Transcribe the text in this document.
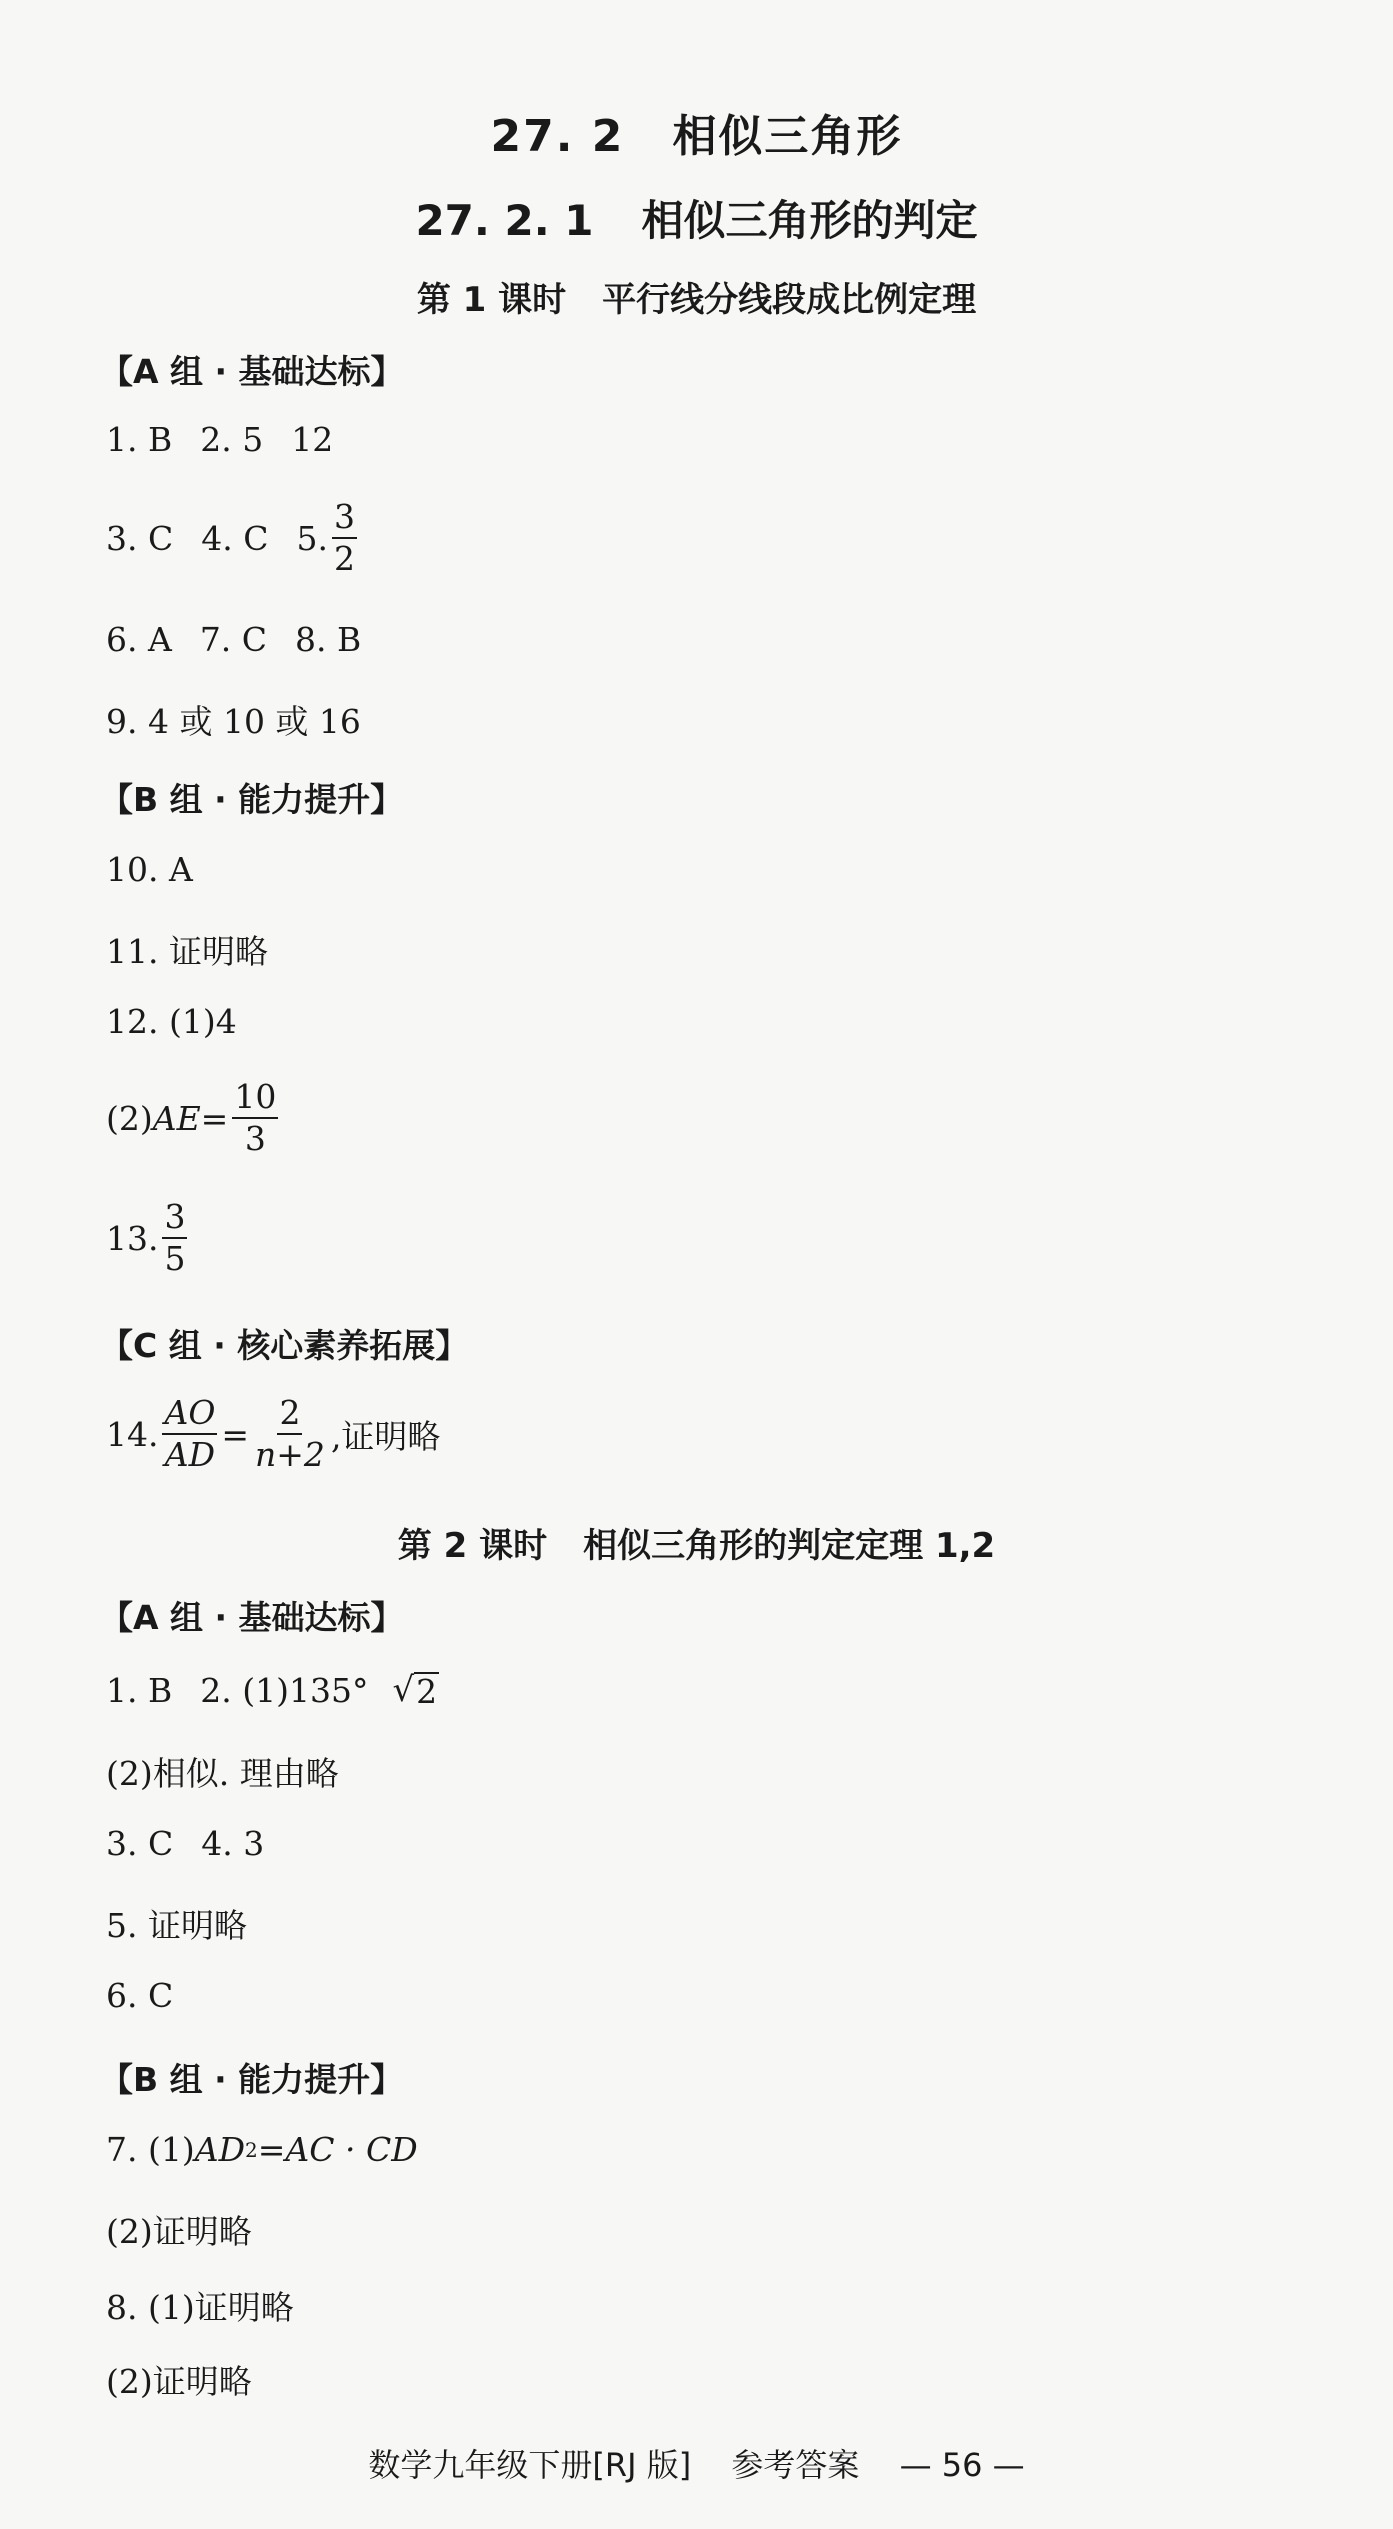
27. 2 相似三角形
27. 2. 1 相似三角形的判定
第 1 课时 平行线分线段成比例定理
【A 组 · 基础达标】
1. B 2. 5 12
3. C 4. C 5. $\frac{3}{2}$
6. A 7. C 8. B
9. 4 或 10 或 16
【B 组 · 能力提升】
10. A
11. 证明略
12. (1)4
(2) AE = $\frac{10}{3}$
13. $\frac{3}{5}$
【C 组 · 核心素养拓展】
14. $\frac{AO}{AD} = \frac{2}{n+2}$ ,证明略
第 2 课时 相似三角形的判定定理 1,2
【A 组 · 基础达标】
1. B 2. (1)135° √ 2
(2)相似. 理由略
3. C 4. 3
5. 证明略
6. C
【B 组 · 能力提升】
7. (1) AD 2 = AC · CD
(2)证明略
8. (1)证明略
(2)证明略
数学九年级下册[RJ 版] 参考答案 — 56 —
